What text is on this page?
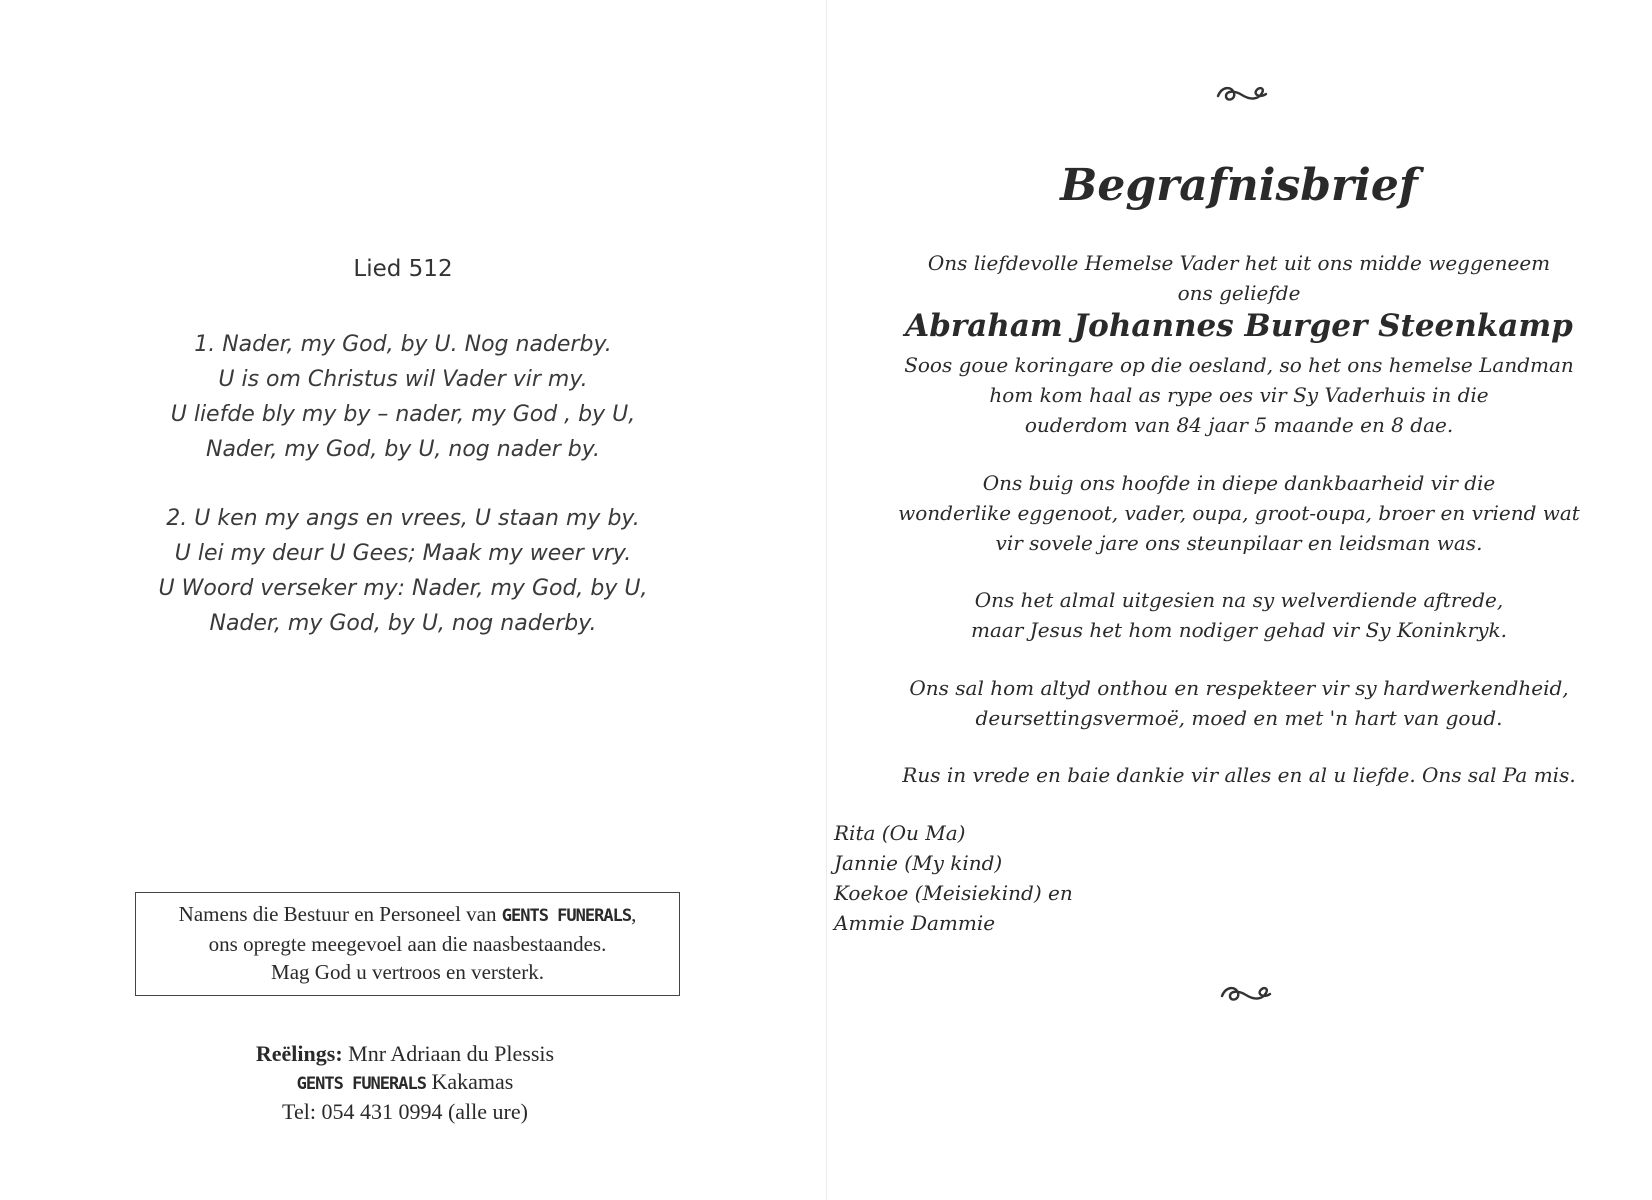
Lied 512
1. Nader, my God, by U. Nog naderby.
U is om Christus wil Vader vir my.
U liefde bly my by – nader, my God , by U,
Nader, my God, by U, nog nader by.
2. U ken my angs en vrees, U staan my by.
U lei my deur U Gees; Maak my weer vry.
U Woord verseker my: Nader, my God, by U,
Nader, my God, by U, nog naderby.
Namens die Bestuur en Personeel van GENTS FUNERALS,
ons opregte meegevoel aan die naasbestaandes.
Mag God u vertroos en versterk.
Reëlings: Mnr Adriaan du Plessis
GENTS FUNERALS Kakamas
Tel: 054 431 0994 (alle ure)
Begrafnisbrief
Ons liefdevolle Hemelse Vader het uit ons midde weggeneem
ons geliefde
Abraham Johannes Burger Steenkamp
Soos goue koringare op die oesland, so het ons hemelse Landman
hom kom haal as rype oes vir Sy Vaderhuis in die
ouderdom van 84 jaar 5 maande en 8 dae.
Ons buig ons hoofde in diepe dankbaarheid vir die
wonderlike eggenoot, vader, oupa, groot-oupa, broer en vriend wat
vir sovele jare ons steunpilaar en leidsman was.
Ons het almal uitgesien na sy welverdiende aftrede,
maar Jesus het hom nodiger gehad vir Sy Koninkryk.
Ons sal hom altyd onthou en respekteer vir sy hardwerkendheid,
deursettingsvermoë, moed en met 'n hart van goud.
Rus in vrede en baie dankie vir alles en al u liefde. Ons sal Pa mis.
Rita (Ou Ma)
Jannie (My kind)
Koekoe (Meisiekind) en
Ammie Dammie
